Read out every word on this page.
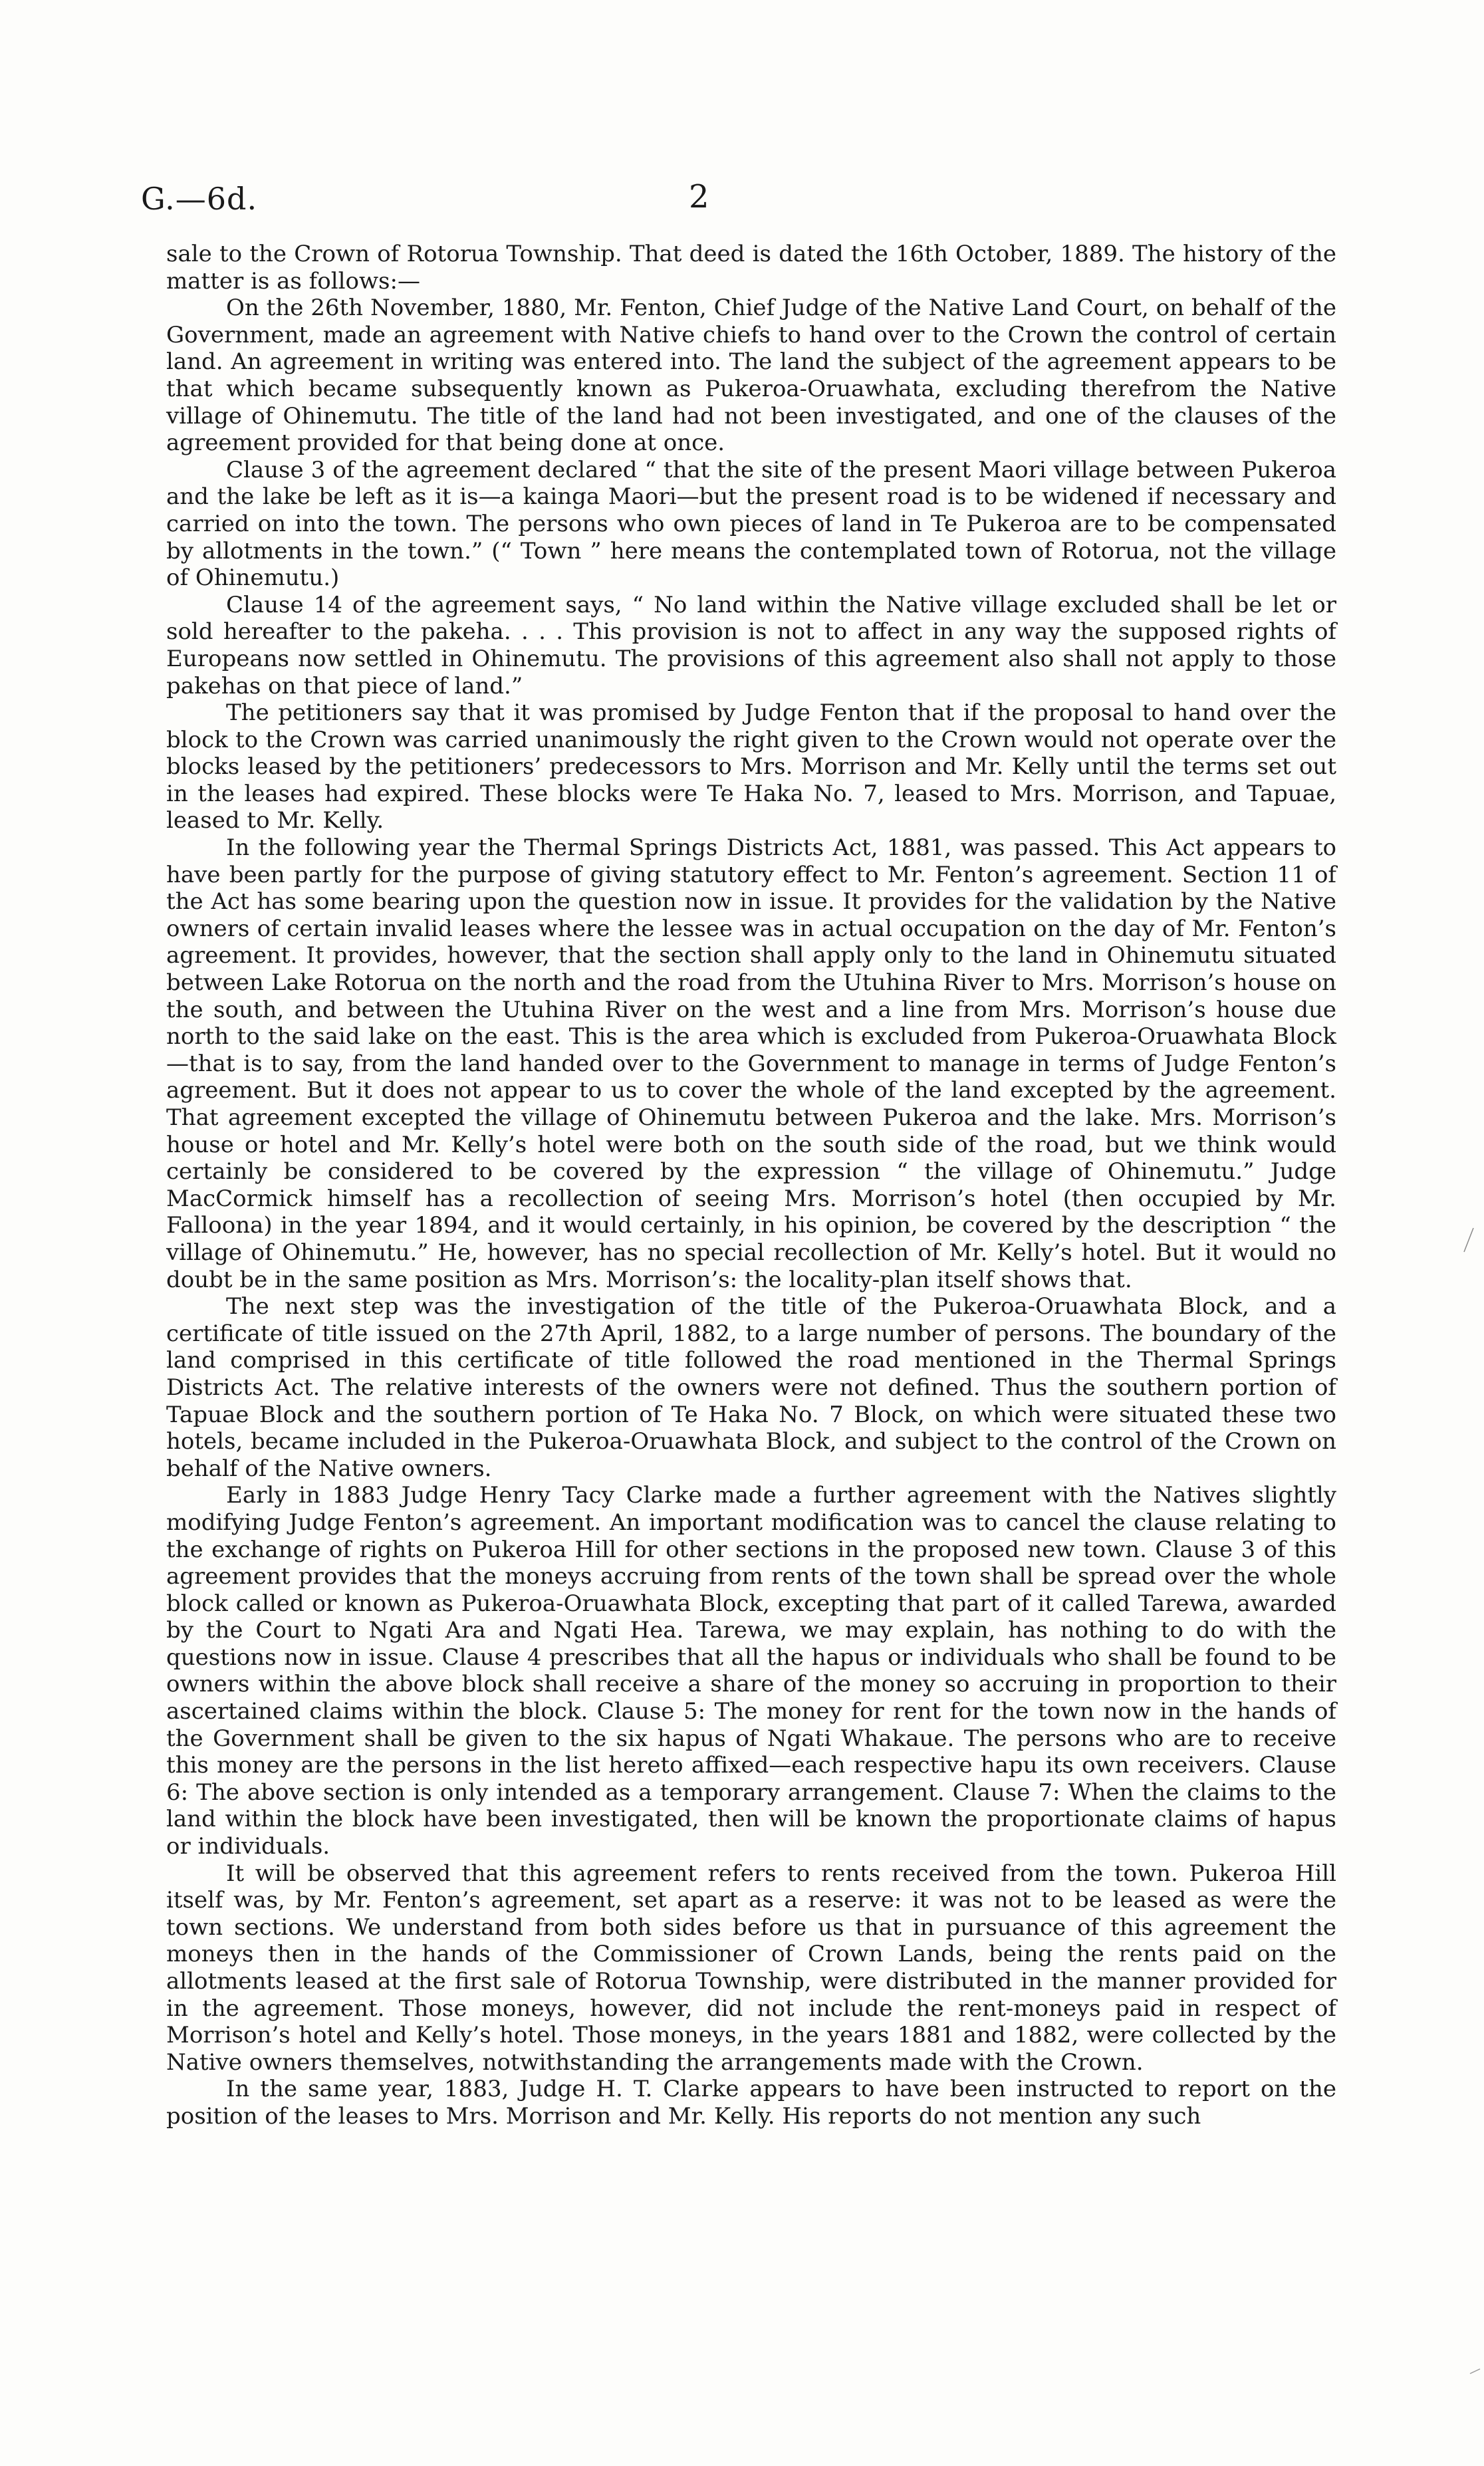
G.—6d.	2

sale to the Crown of Rotorua Township. That deed is dated the 16th October, 1889. The history of the matter is as follows:—

On the 26th November, 1880, Mr. Fenton, Chief Judge of the Native Land Court, on behalf of the Government, made an agreement with Native chiefs to hand over to the Crown the control of certain land. An agreement in writing was entered into. The land the subject of the agreement appears to be that which became subsequently known as Pukeroa-Oruawhata, excluding therefrom the Native village of Ohinemutu. The title of the land had not been investigated, and one of the clauses of the agreement provided for that being done at once.

Clause 3 of the agreement declared “ that the site of the present Maori village between Pukeroa and the lake be left as it is—a kainga Maori—but the present road is to be widened if necessary and carried on into the town. The persons who own pieces of land in Te Pukeroa are to be compensated by allotments in the town.” (“ Town ” here means the contemplated town of Rotorua, not the village of Ohinemutu.)

Clause 14 of the agreement says, “ No land within the Native village excluded shall be let or sold hereafter to the pakeha. . . . This provision is not to affect in any way the supposed rights of Europeans now settled in Ohinemutu. The provisions of this agreement also shall not apply to those pakehas on that piece of land.”

The petitioners say that it was promised by Judge Fenton that if the proposal to hand over the block to the Crown was carried unanimously the right given to the Crown would not operate over the blocks leased by the petitioners’ predecessors to Mrs. Morrison and Mr. Kelly until the terms set out in the leases had expired. These blocks were Te Haka No. 7, leased to Mrs. Morrison, and Tapuae, leased to Mr. Kelly.

In the following year the Thermal Springs Districts Act, 1881, was passed. This Act appears to have been partly for the purpose of giving statutory effect to Mr. Fenton’s agreement. Section 11 of the Act has some bearing upon the question now in issue. It provides for the validation by the Native owners of certain invalid leases where the lessee was in actual occupation on the day of Mr. Fenton’s agreement. It provides, however, that the section shall apply only to the land in Ohinemutu situated between Lake Rotorua on the north and the road from the Utuhina River to Mrs. Morrison’s house on the south, and between the Utuhina River on the west and a line from Mrs. Morrison’s house due north to the said lake on the east. This is the area which is excluded from Pukeroa-Oruawhata Block—that is to say, from the land handed over to the Government to manage in terms of Judge Fenton’s agreement. But it does not appear to us to cover the whole of the land excepted by the agreement. That agreement excepted the village of Ohinemutu between Pukeroa and the lake. Mrs. Morrison’s house or hotel and Mr. Kelly’s hotel were both on the south side of the road, but we think would certainly be considered to be covered by the expression “ the village of Ohinemutu.” Judge MacCormick himself has a recollection of seeing Mrs. Morrison’s hotel (then occupied by Mr. Falloona) in the year 1894, and it would certainly, in his opinion, be covered by the description “ the village of Ohinemutu.” He, however, has no special recollection of Mr. Kelly’s hotel. But it would no doubt be in the same position as Mrs. Morrison’s: the locality-plan itself shows that.

The next step was the investigation of the title of the Pukeroa-Oruawhata Block, and a certificate of title issued on the 27th April, 1882, to a large number of persons. The boundary of the land comprised in this certificate of title followed the road mentioned in the Thermal Springs Districts Act. The relative interests of the owners were not defined. Thus the southern portion of Tapuae Block and the southern portion of Te Haka No. 7 Block, on which were situated these two hotels, became included in the Pukeroa-Oruawhata Block, and subject to the control of the Crown on behalf of the Native owners.

Early in 1883 Judge Henry Tacy Clarke made a further agreement with the Natives slightly modifying Judge Fenton’s agreement. An important modification was to cancel the clause relating to the exchange of rights on Pukeroa Hill for other sections in the proposed new town. Clause 3 of this agreement provides that the moneys accruing from rents of the town shall be spread over the whole block called or known as Pukeroa-Oruawhata Block, excepting that part of it called Tarewa, awarded by the Court to Ngati Ara and Ngati Hea. Tarewa, we may explain, has nothing to do with the questions now in issue. Clause 4 prescribes that all the hapus or individuals who shall be found to be owners within the above block shall receive a share of the money so accruing in proportion to their ascertained claims within the block. Clause 5: The money for rent for the town now in the hands of the Government shall be given to the six hapus of Ngati Whakaue. The persons who are to receive this money are the persons in the list hereto affixed—each respective hapu its own receivers. Clause 6: The above section is only intended as a temporary arrangement. Clause 7: When the claims to the land within the block have been investigated, then will be known the proportionate claims of hapus or individuals.

It will be observed that this agreement refers to rents received from the town. Pukeroa Hill itself was, by Mr. Fenton’s agreement, set apart as a reserve: it was not to be leased as were the town sections. We understand from both sides before us that in pursuance of this agreement the moneys then in the hands of the Commissioner of Crown Lands, being the rents paid on the allotments leased at the first sale of Rotorua Township, were distributed in the manner provided for in the agreement. Those moneys, however, did not include the rent-moneys paid in respect of Morrison’s hotel and Kelly’s hotel. Those moneys, in the years 1881 and 1882, were collected by the Native owners themselves, notwithstanding the arrangements made with the Crown.

In the same year, 1883, Judge H. T. Clarke appears to have been instructed to report on the position of the leases to Mrs. Morrison and Mr. Kelly. His reports do not mention any such
